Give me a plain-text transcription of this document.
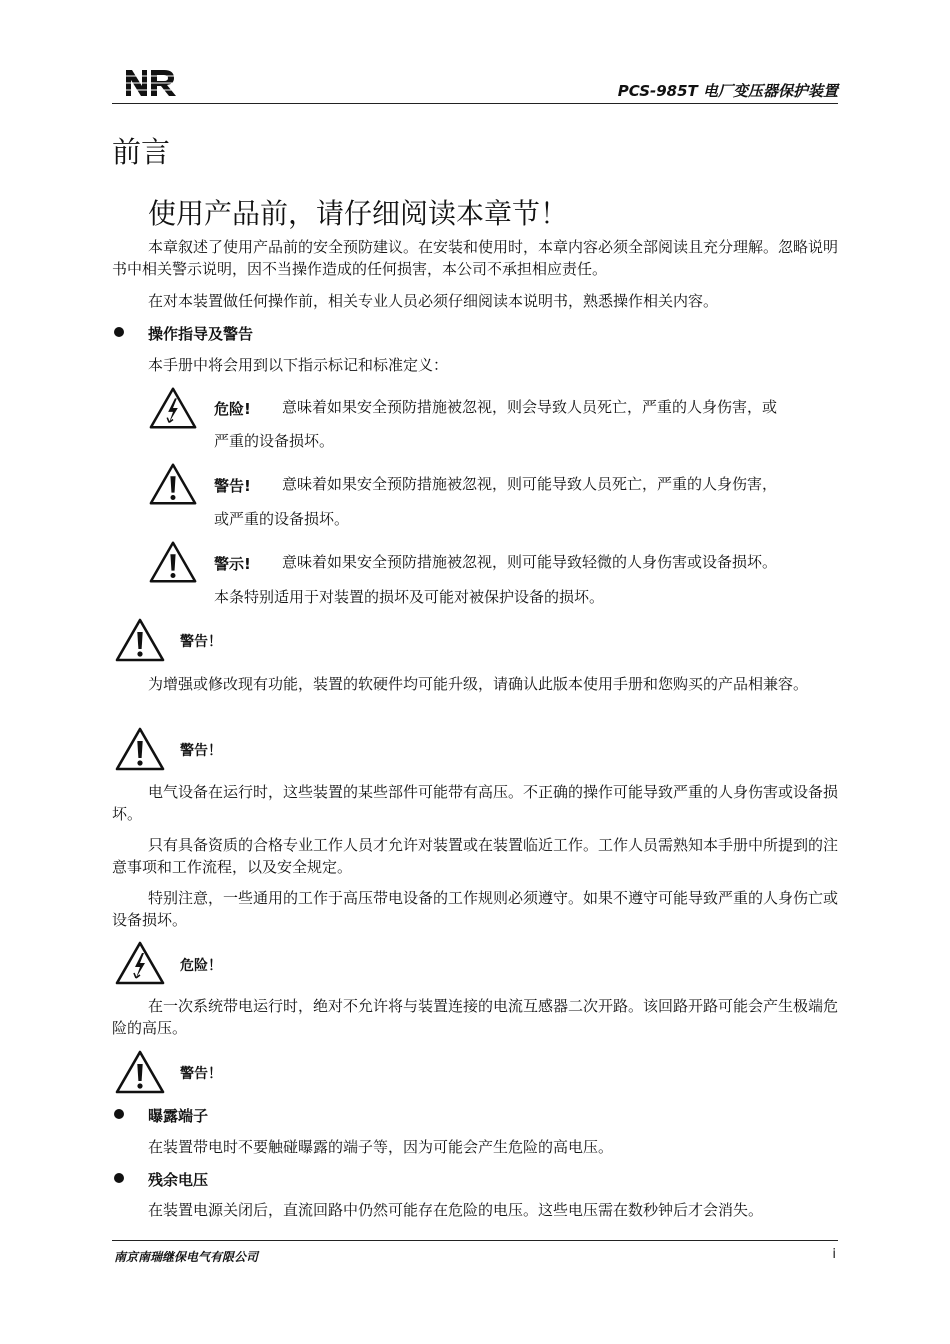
PCS-985T 电厂变压器保护装置
前言
使用产品前，请仔细阅读本章节！

本章叙述了使用产品前的安全预防建议。在安装和使用时，本章内容必须全部阅读且充分理解。忽略说明书中相关警示说明，因不当操作造成的任何损害，本公司不承担相应责任。

在对本装置做任何操作前，相关专业人员必须仔细阅读本说明书，熟悉操作相关内容。

操作指导及警告
本手册中将会用到以下指示标记和标准定义：
危险! 意味着如果安全预防措施被忽视，则会导致人员死亡，严重的人身伤害，或
严重的设备损坏。
警告! 意味着如果安全预防措施被忽视，则可能导致人员死亡，严重的人身伤害，
或严重的设备损坏。
警示! 意味着如果安全预防措施被忽视，则可能导致轻微的人身伤害或设备损坏。
本条特别适用于对装置的损坏及可能对被保护设备的损坏。
警告！

为增强或修改现有功能，装置的软硬件均可能升级，请确认此版本使用手册和您购买的产品相兼容。

警告！

电气设备在运行时，这些装置的某些部件可能带有高压。不正确的操作可能导致严重的人身伤害或设备损坏。

只有具备资质的合格专业工作人员才允许对装置或在装置临近工作。工作人员需熟知本手册中所提到的注意事项和工作流程，以及安全规定。

特别注意，一些通用的工作于高压带电设备的工作规则必须遵守。如果不遵守可能导致严重的人身伤亡或设备损坏。

危险！

在一次系统带电运行时，绝对不允许将与装置连接的电流互感器二次开路。该回路开路可能会产生极端危险的高压。

警告！
曝露端子
在装置带电时不要触碰曝露的端子等，因为可能会产生危险的高电压。
残余电压
在装置电源关闭后，直流回路中仍然可能存在危险的电压。这些电压需在数秒钟后才会消失。
南京南瑞继保电气有限公司	i
